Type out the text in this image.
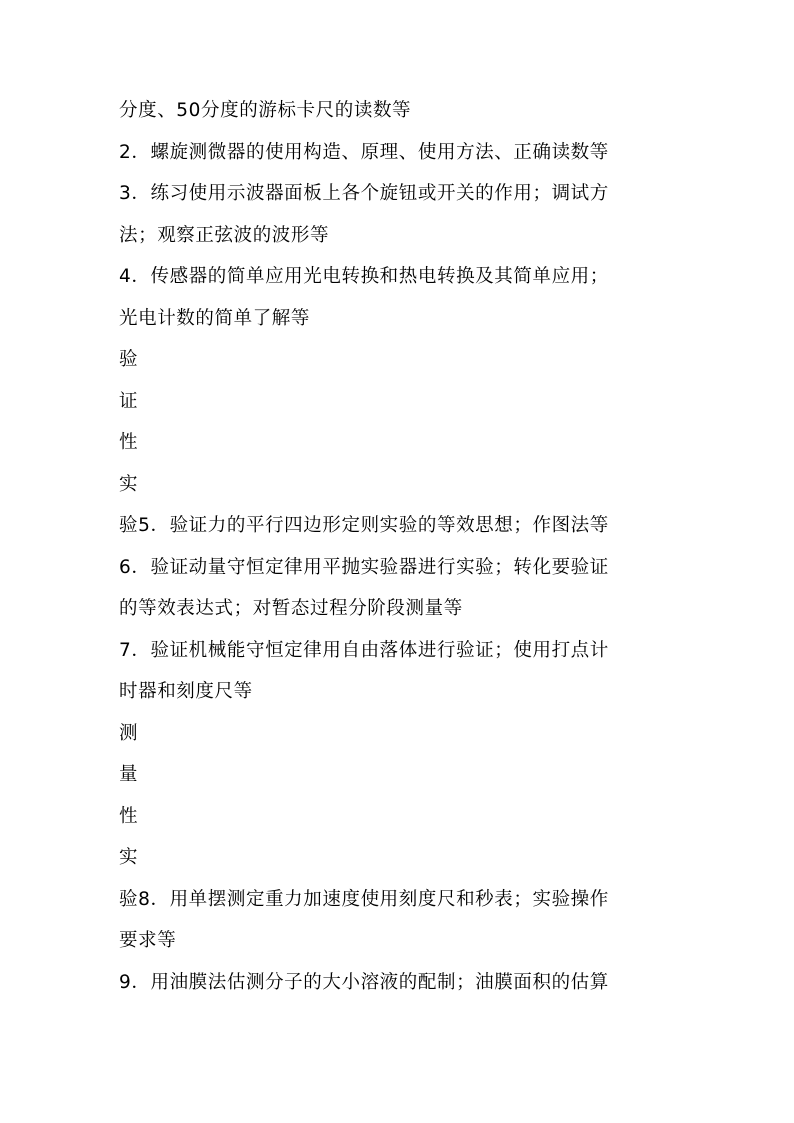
分度、50分度的游标卡尺的读数等
2．螺旋测微器的使用构造、原理、使用方法、正确读数等
3．练习使用示波器面板上各个旋钮或开关的作用；调试方
法；观察正弦波的波形等
4．传感器的简单应用光电转换和热电转换及其简单应用；
光电计数的简单了解等
验
证
性
实
验5．验证力的平行四边形定则实验的等效思想；作图法等
6．验证动量守恒定律用平抛实验器进行实验；转化要验证
的等效表达式；对暂态过程分阶段测量等
7．验证机械能守恒定律用自由落体进行验证；使用打点计
时器和刻度尺等
测
量
性
实
验8．用单摆测定重力加速度使用刻度尺和秒表；实验操作
要求等
9．用油膜法估测分子的大小溶液的配制；油膜面积的估算
